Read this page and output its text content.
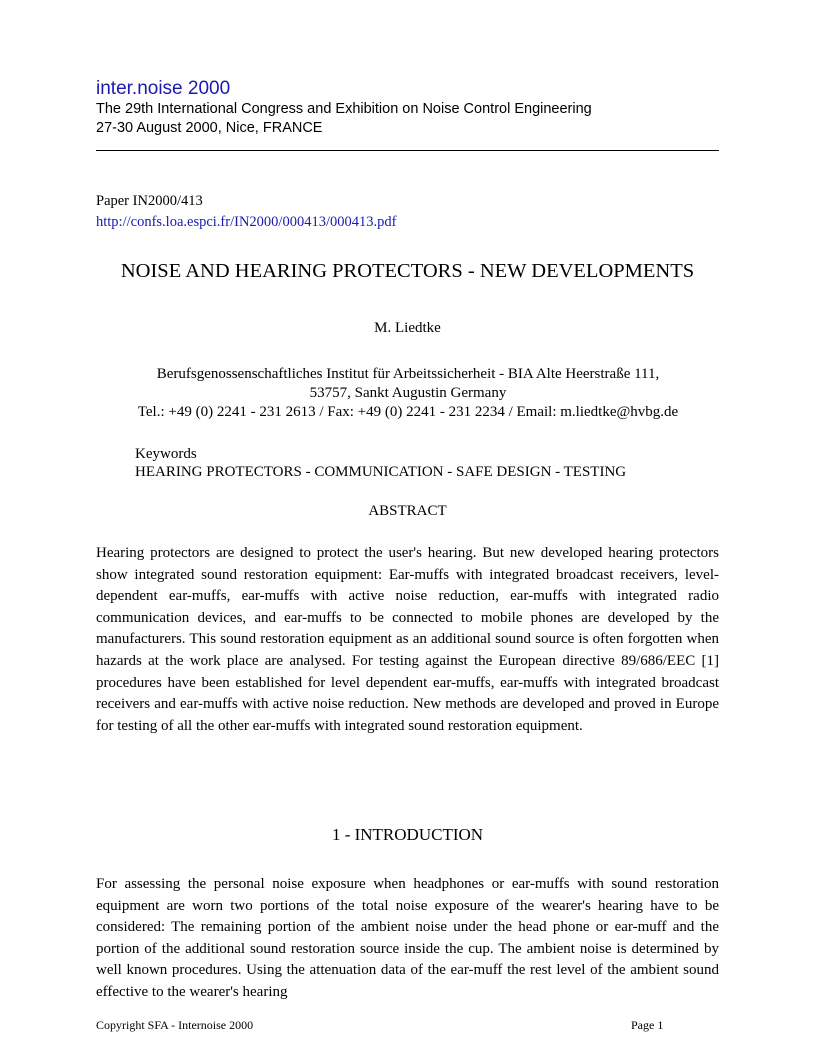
inter.noise 2000
The 29th International Congress and Exhibition on Noise Control Engineering
27-30 August 2000, Nice, FRANCE
Paper IN2000/413
http://confs.loa.espci.fr/IN2000/000413/000413.pdf
NOISE AND HEARING PROTECTORS - NEW DEVELOPMENTS
M. Liedtke
Berufsgenossenschaftliches Institut für Arbeitssicherheit - BIA Alte Heerstraße 111,
53757, Sankt Augustin Germany
Tel.: +49 (0) 2241 - 231 2613 / Fax: +49 (0) 2241 - 231 2234 / Email: m.liedtke@hvbg.de
Keywords
HEARING PROTECTORS - COMMUNICATION - SAFE DESIGN - TESTING
ABSTRACT
Hearing protectors are designed to protect the user's hearing. But new developed hearing protectors show integrated sound restoration equipment: Ear-muffs with integrated broadcast receivers, level-dependent ear-muffs, ear-muffs with active noise reduction, ear-muffs with integrated radio communication devices, and ear-muffs to be connected to mobile phones are developed by the manufacturers. This sound restoration equipment as an additional sound source is often forgotten when hazards at the work place are analysed. For testing against the European directive 89/686/EEC [1] procedures have been established for level dependent ear-muffs, ear-muffs with integrated broadcast receivers and ear-muffs with active noise reduction. New methods are developed and proved in Europe for testing of all the other ear-muffs with integrated sound restoration equipment.
1 - INTRODUCTION
For assessing the personal noise exposure when headphones or ear-muffs with sound restoration equipment are worn two portions of the total noise exposure of the wearer's hearing have to be considered: The remaining portion of the ambient noise under the head phone or ear-muff and the portion of the additional sound restoration source inside the cup. The ambient noise is determined by well known procedures. Using the attenuation data of the ear-muff the rest level of the ambient sound effective to the wearer's hearing
Copyright SFA - Internoise 2000	Page 1
